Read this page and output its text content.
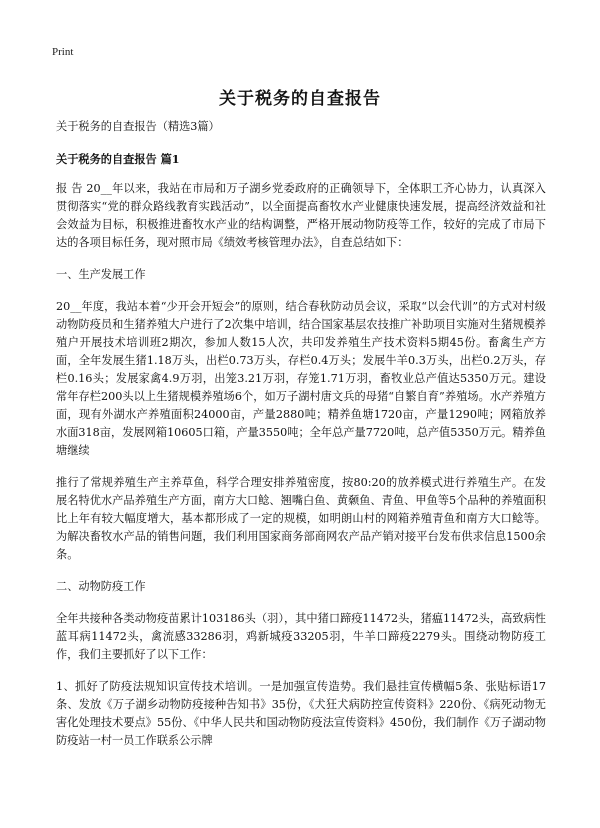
Print
关于税务的自查报告

关于税务的自查报告（精选3篇）

关于税务的自查报告 篇1

报 告 20__年以来，我站在市局和万子湖乡党委政府的正确领导下，全体职工齐心协力，认真深入贯彻落实“党的群众路线教育实践活动”，以全面提高畜牧水产业健康快速发展，提高经济效益和社会效益为目标，积极推进畜牧水产业的结构调整，严格开展动物防疫等工作，较好的完成了市局下达的各项目标任务，现对照市局《绩效考核管理办法》，自查总结如下：

一、生产发展工作

20__年度，我站本着“少开会开短会”的原则，结合春秋防动员会议，采取“以会代训”的方式对村级动物防疫员和生猪养殖大户进行了2次集中培训，结合国家基层农技推广补助项目实施对生猪规模养殖户开展技术培训班2期次，参加人数15人次，共印发养殖生产技术资料5期45份。畜禽生产方面，全年发展生猪1.18万头，出栏0.73万头，存栏0.4万头；发展牛羊0.3万头，出栏0.2万头，存栏0.16头；发展家禽4.9万羽，出笼3.21万羽，存笼1.71万羽，畜牧业总产值达5350万元。建设常年存栏200头以上生猪规模养殖场6个，如万子湖村唐文兵的母猪“自繁自育”养殖场。水产养殖方面，现有外湖水产养殖面积24000亩，产量2880吨；精养鱼塘1720亩，产量1290吨；网箱放养水面318亩，发展网箱10605口箱，产量3550吨；全年总产量7720吨，总产值5350万元。精养鱼塘继续

推行了常规养殖生产主养草鱼，科学合理安排养殖密度，按80:20的放养模式进行养殖生产。在发展名特优水产品养殖生产方面，南方大口鲶、翘嘴白鱼、黄颡鱼、青鱼、甲鱼等5个品种的养殖面积比上年有较大幅度增大，基本都形成了一定的规模，如明朗山村的网箱养殖青鱼和南方大口鲶等。为解决畜牧水产品的销售问题，我们利用国家商务部商网农产品产销对接平台发布供求信息1500余条。

二、动物防疫工作

全年共接种各类动物疫苗累计103186头（羽），其中猪口蹄疫11472头，猪瘟11472头，高致病性蓝耳病11472头，禽流感33286羽，鸡新城疫33205羽，牛羊口蹄疫2279头。围绕动物防疫工作，我们主要抓好了以下工作：

1、抓好了防疫法规知识宣传技术培训。一是加强宣传造势。我们悬挂宣传横幅5条、张贴标语17条、发放《万子湖乡动物防疫接种告知书》35份，《犬狂犬病防控宣传资料》220份、《病死动物无害化处理技术要点》55份、《中华人民共和国动物防疫法宣传资料》450份，我们制作《万子湖动物防疫站一村一员工作联系公示牌
